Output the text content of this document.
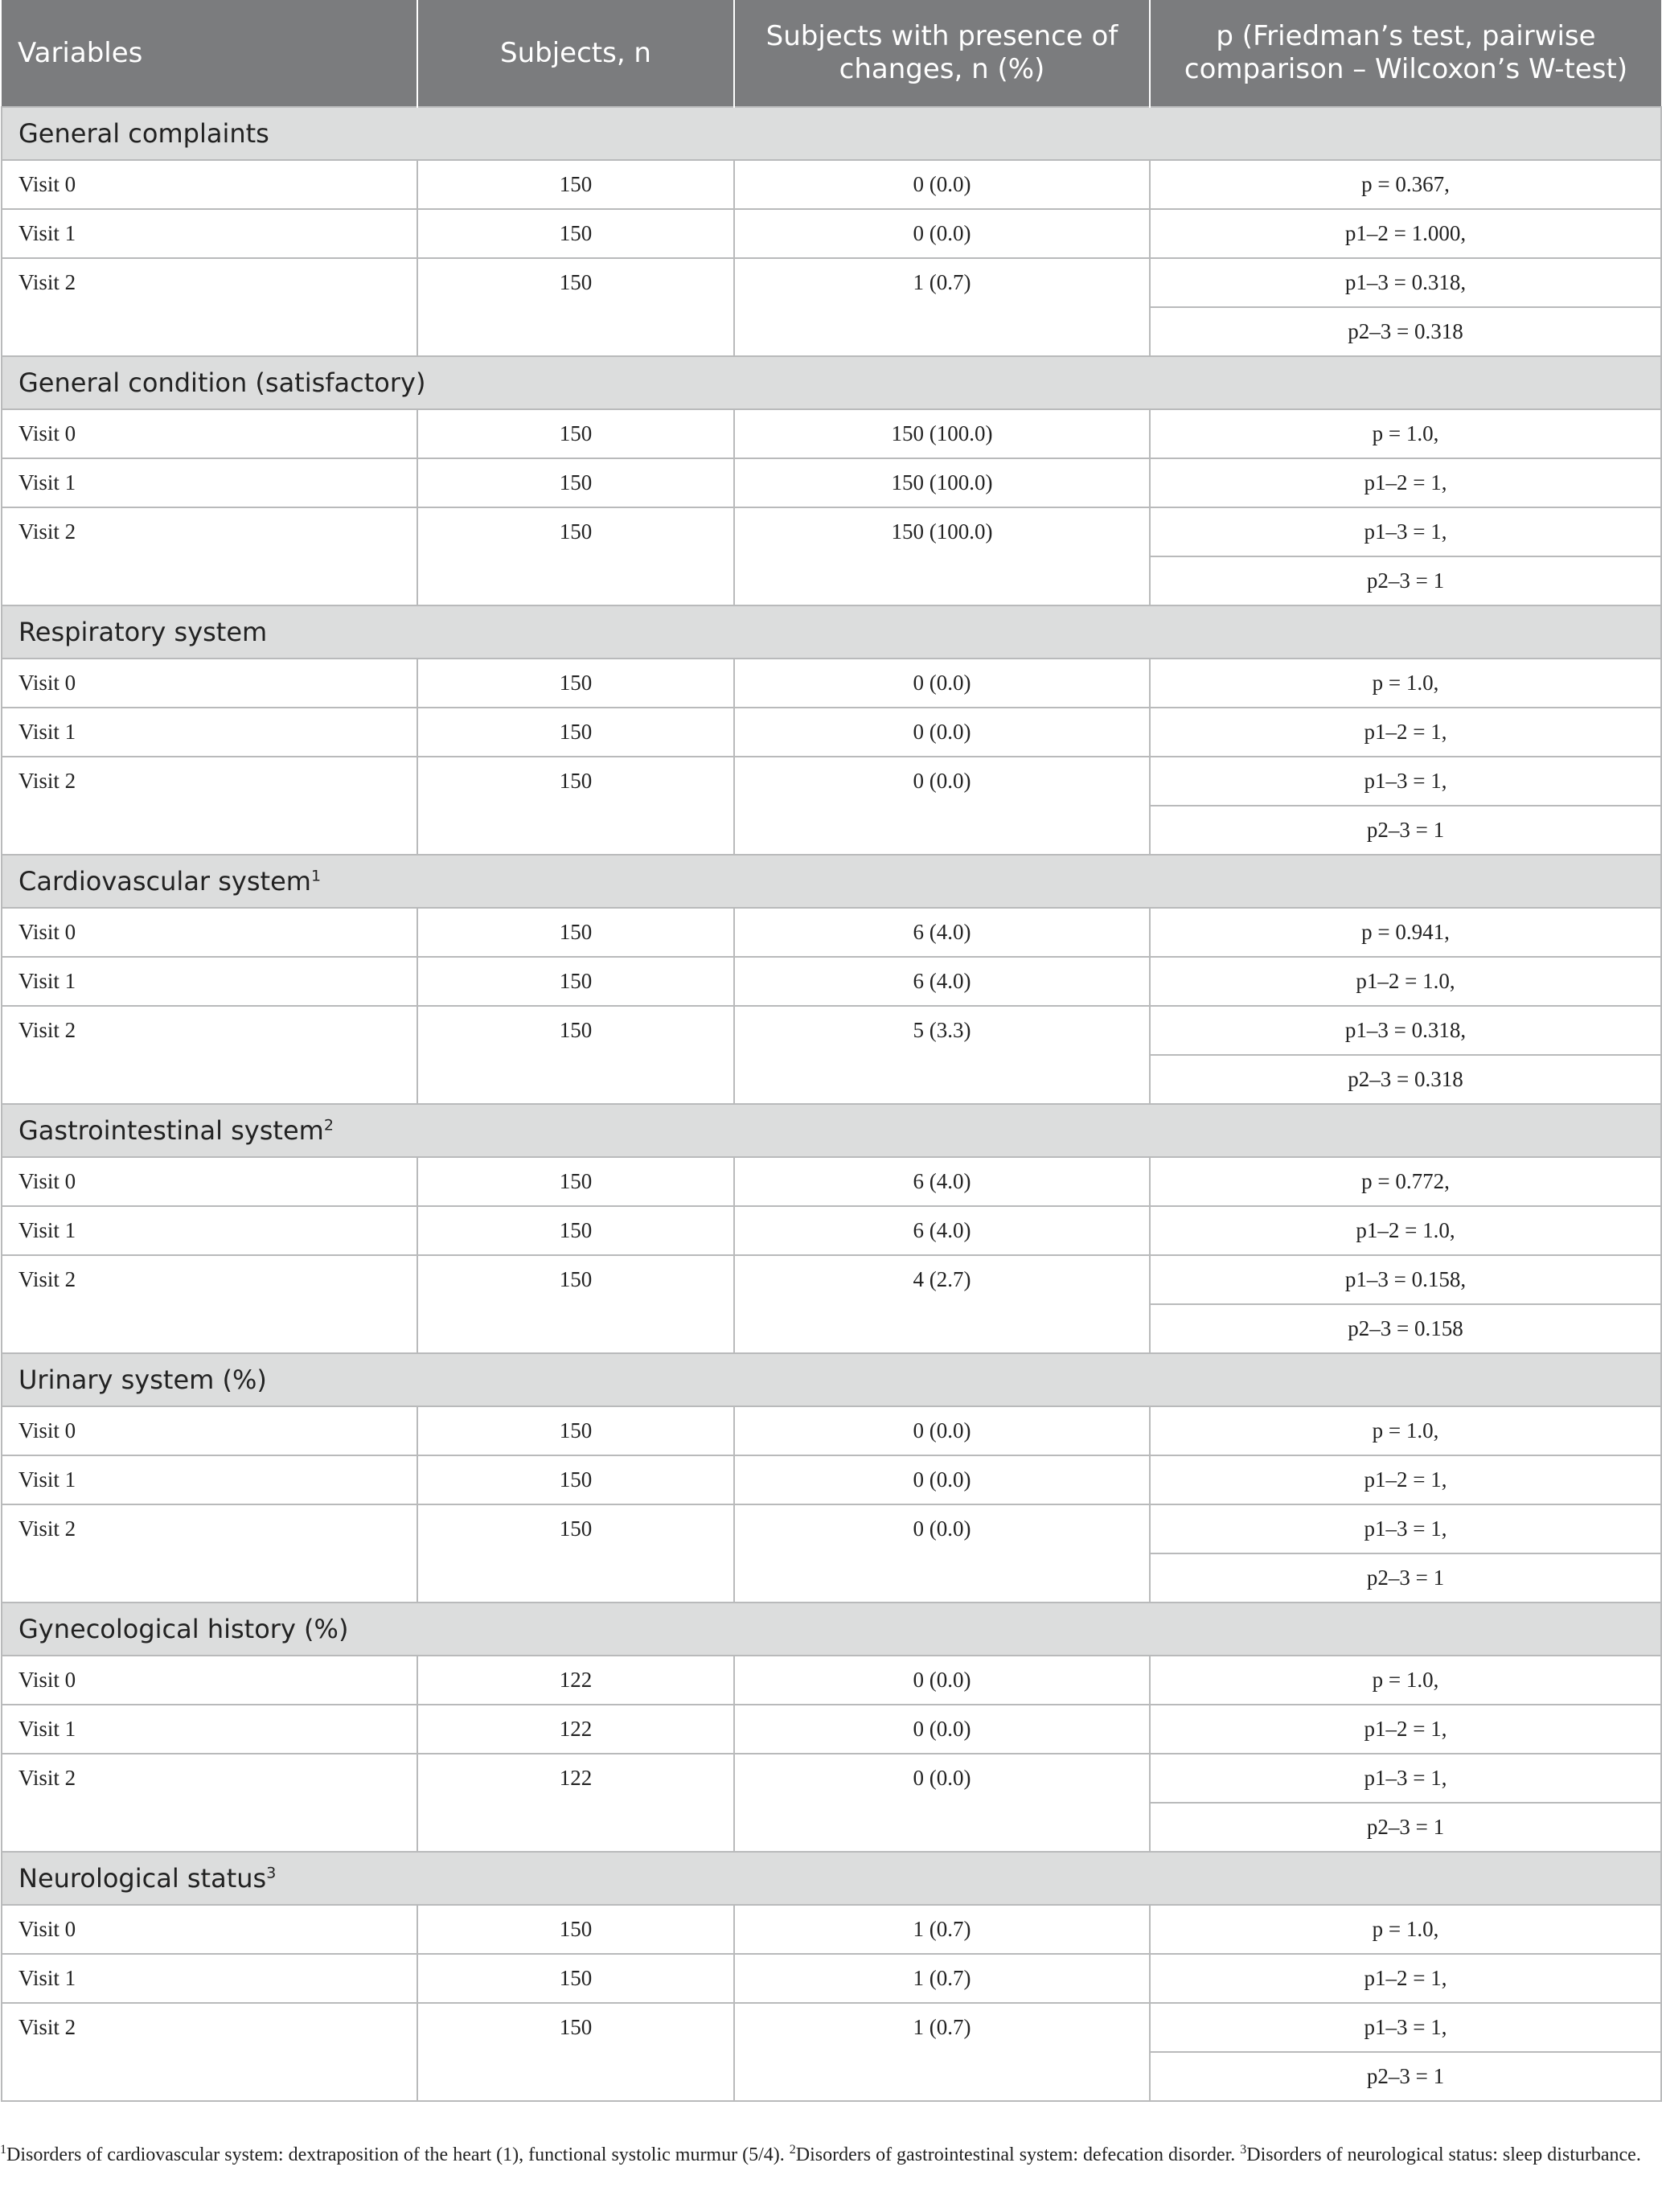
Variables	Subjects, n	Subjects with presence of changes, n (%)	p (Friedman’s test, pairwise comparison – Wilcoxon’s W-test)
General complaints			
Visit 0	150	0 (0.0)	p = 0.367,
Visit 1	150	0 (0.0)	p1–2 = 1.000,
Visit 2	150	1 (0.7)	p1–3 = 0.318,
			p2–3 = 0.318
General condition (satisfactory)			
Visit 0	150	150 (100.0)	p = 1.0,
Visit 1	150	150 (100.0)	p1–2 = 1,
Visit 2	150	150 (100.0)	p1–3 = 1,
			p2–3 = 1
Respiratory system			
Visit 0	150	0 (0.0)	p = 1.0,
Visit 1	150	0 (0.0)	p1–2 = 1,
Visit 2	150	0 (0.0)	p1–3 = 1,
			p2–3 = 1
Cardiovascular system$^1$
Visit 0	150	6 (4.0)	p = 0.941,
Visit 1	150	6 (4.0)	p1–2 = 1.0,
Visit 2	150	5 (3.3)	p1–3 = 0.318,
			p2–3 = 0.318
Gastrointestinal system$^2$
Visit 0	150	6 (4.0)	p = 0.772,
Visit 1	150	6 (4.0)	p1–2 = 1.0,
Visit 2	150	4 (2.7)	p1–3 = 0.158,
			p2–3 = 0.158
Urinary system (%)			
Visit 0	150	0 (0.0)	p = 1.0,
Visit 1	150	0 (0.0)	p1–2 = 1,
Visit 2	150	0 (0.0)	p1–3 = 1,
			p2–3 = 1
Gynecological history (%)			
Visit 0	122	0 (0.0)	p = 1.0,
Visit 1	122	0 (0.0)	p1–2 = 1,
Visit 2	122	0 (0.0)	p1–3 = 1,
			p2–3 = 1
Neurological status$^3$
Visit 0	150	1 (0.7)	p = 1.0,
Visit 1	150	1 (0.7)	p1–2 = 1,
Visit 2	150	1 (0.7)	p1–3 = 1,
			p2–3 = 1
$^1$Disorders of cardiovascular system: dextraposition of the heart (1), functional systolic murmur (5/4). $^2$Disorders of gastrointestinal system: defecation disorder. $^3$Disorders of neurological status: sleep disturbance.
